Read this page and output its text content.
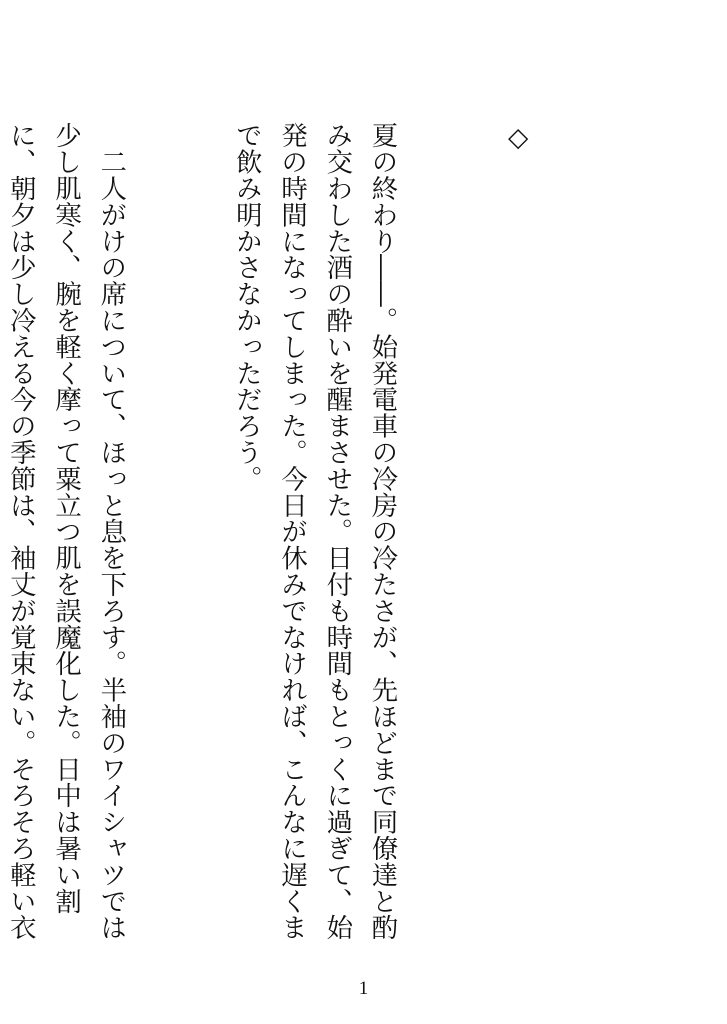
◇

夏の終わり――。始発電車の冷房の冷たさが、先ほどまで同僚達と酌み交わした酒の酔いを醒まさせた。日付も時間もとっくに過ぎて、始発の時間になってしまった。今日が休みでなければ、こんなに遅くまで飲み明かさなかっただろう。

　二人がけの席について、ほっと息を下ろす。半袖のワイシャツでは少し肌寒く、腕を軽く摩って粟立つ肌を誤魔化した。日中は暑い割に、朝夕は少し冷える今の季節は、袖丈が覚束ない。そろそろ軽い衣

1
